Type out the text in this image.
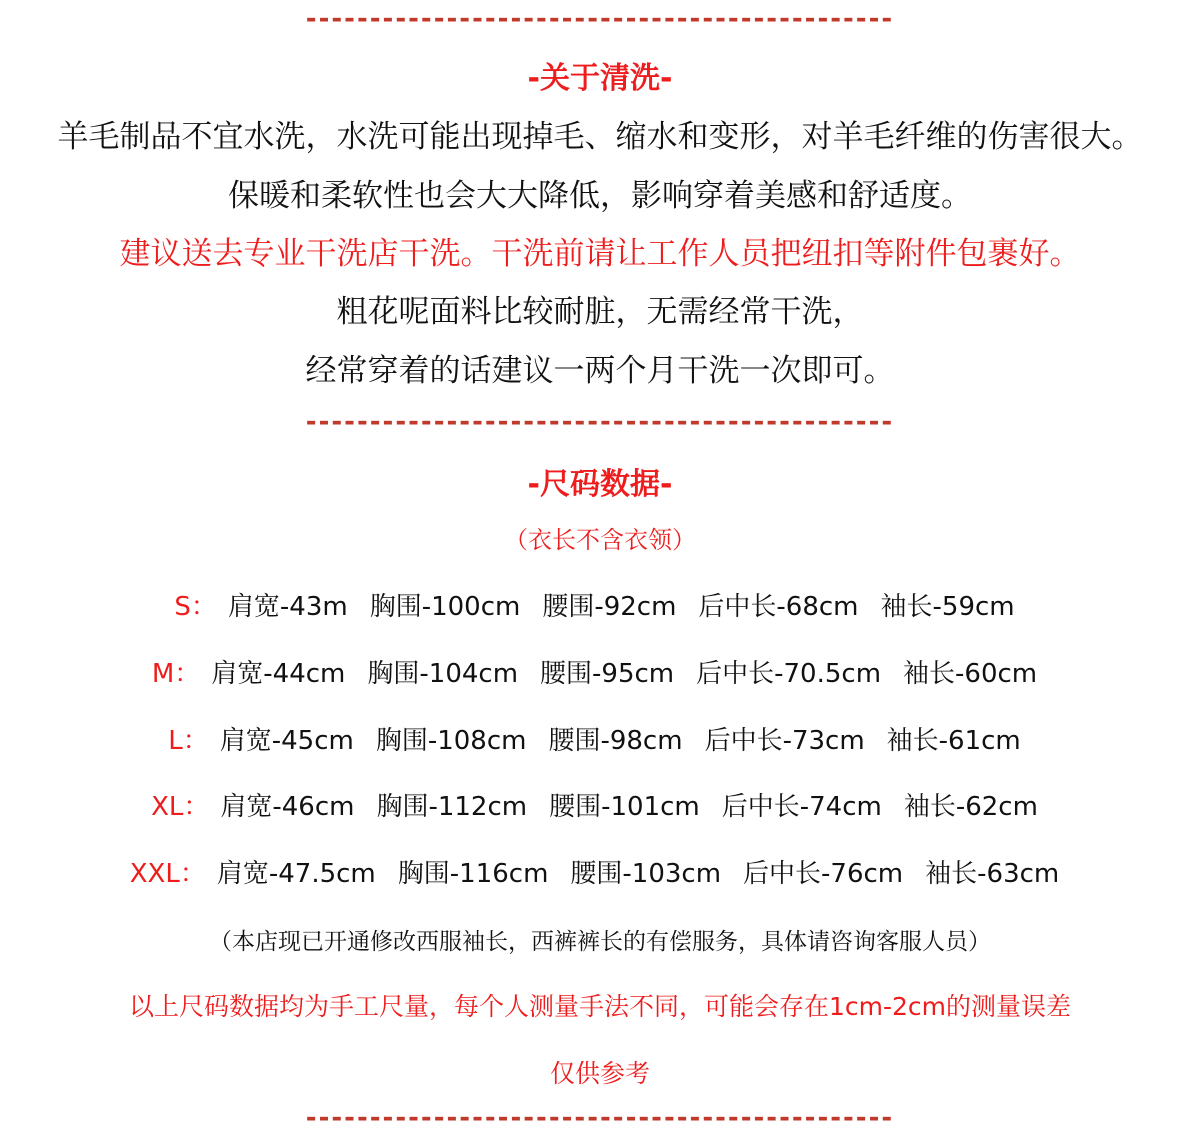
----------------------------------------------
-关于清洗-
羊毛制品不宜水洗，水洗可能出现掉毛、缩水和变形，对羊毛纤维的伤害很大。
保暖和柔软性也会大大降低，影响穿着美感和舒适度。
建议送去专业干洗店干洗。干洗前请让工作人员把纽扣等附件包裹好。
粗花呢面料比较耐脏，无需经常干洗，
经常穿着的话建议一两个月干洗一次即可。
----------------------------------------------
-尺码数据-
（衣长不含衣领）
S： 肩宽-43m 胸围-100cm 腰围-92cm 后中长-68cm 袖长-59cm
M： 肩宽-44cm 胸围-104cm 腰围-95cm 后中长-70.5cm 袖长-60cm
L： 肩宽-45cm 胸围-108cm 腰围-98cm 后中长-73cm 袖长-61cm
XL： 肩宽-46cm 胸围-112cm 腰围-101cm 后中长-74cm 袖长-62cm
XXL： 肩宽-47.5cm 胸围-116cm 腰围-103cm 后中长-76cm 袖长-63cm
（本店现已开通修改西服袖长，西裤裤长的有偿服务，具体请咨询客服人员）
以上尺码数据均为手工尺量，每个人测量手法不同，可能会存在1cm-2cm的测量误差
仅供参考
----------------------------------------------
